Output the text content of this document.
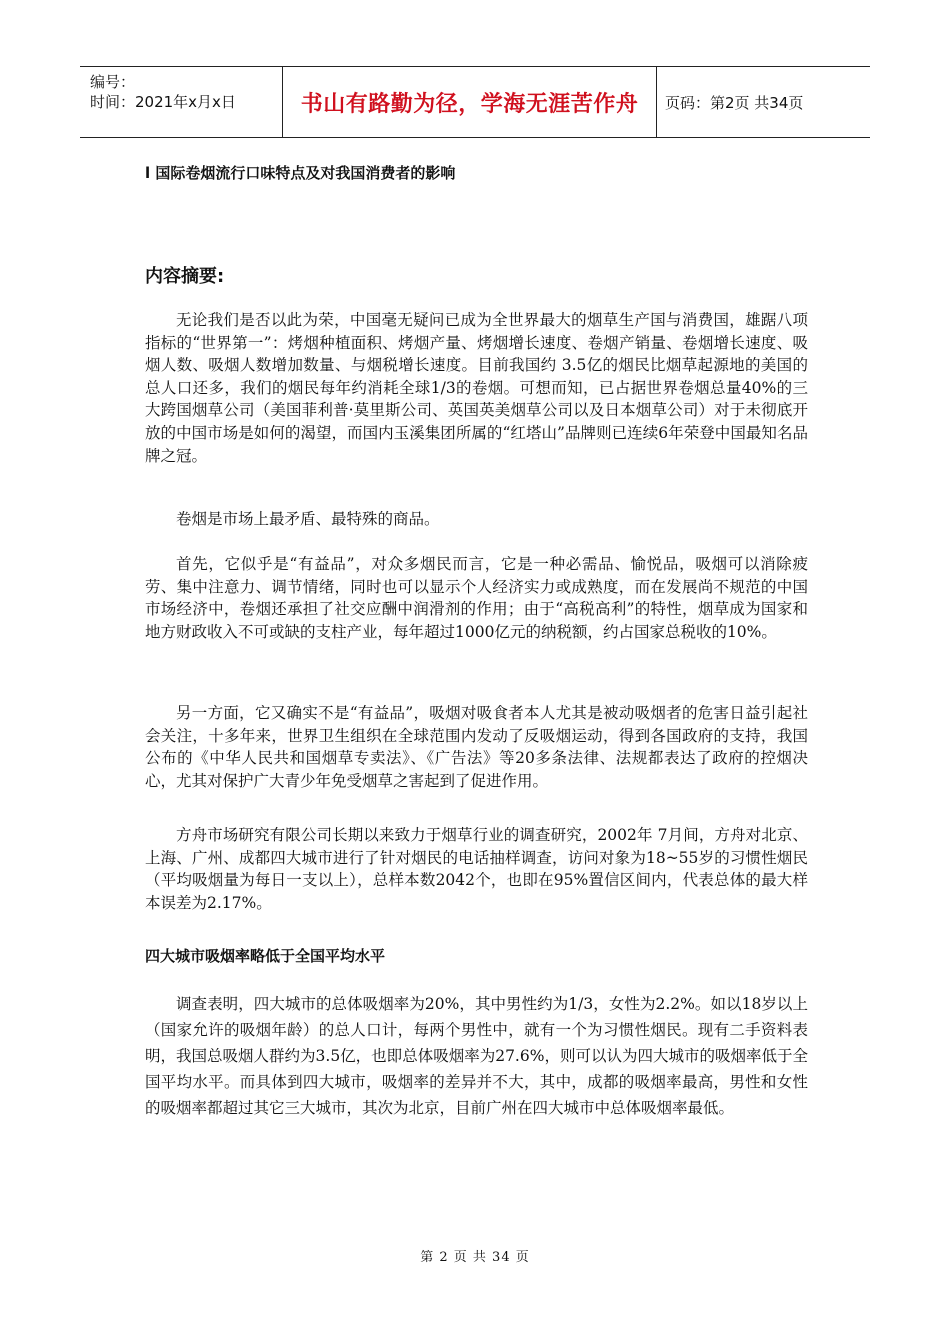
编号：
时间：2021年x月x日	书山有路勤为径，学海无涯苦作舟	页码：第2页 共34页
l 国际卷烟流行口味特点及对我国消费者的影响
内容摘要:

无论我们是否以此为荣，中国毫无疑问已成为全世界最大的烟草生产国与消费国，雄踞八项指标的“世界第一”：烤烟种植面积、烤烟产量、烤烟增长速度、卷烟产销量、卷烟增长速度、吸烟人数、吸烟人数增加数量、与烟税增长速度。目前我国约 3.5亿的烟民比烟草起源地的美国的总人口还多，我们的烟民每年约消耗全球1/3的卷烟。可想而知，已占据世界卷烟总量40%的三大跨国烟草公司（美国菲利普·莫里斯公司、英国英美烟草公司以及日本烟草公司）对于未彻底开放的中国市场是如何的渴望，而国内玉溪集团所属的“红塔山”品牌则已连续6年荣登中国最知名品牌之冠。

卷烟是市场上最矛盾、最特殊的商品。

首先，它似乎是“有益品”，对众多烟民而言，它是一种必需品、愉悦品，吸烟可以消除疲劳、集中注意力、调节情绪，同时也可以显示个人经济实力或成熟度，而在发展尚不规范的中国市场经济中，卷烟还承担了社交应酬中润滑剂的作用；由于“高税高利”的特性，烟草成为国家和地方财政收入不可或缺的支柱产业，每年超过1000亿元的纳税额，约占国家总税收的10%。

另一方面，它又确实不是“有益品”，吸烟对吸食者本人尤其是被动吸烟者的危害日益引起社会关注，十多年来，世界卫生组织在全球范围内发动了反吸烟运动，得到各国政府的支持，我国公布的《中华人民共和国烟草专卖法》、《广告法》等20多条法律、法规都表达了政府的控烟决心，尤其对保护广大青少年免受烟草之害起到了促进作用。

方舟市场研究有限公司长期以来致力于烟草行业的调查研究，2002年 7月间，方舟对北京、上海、广州、成都四大城市进行了针对烟民的电话抽样调查，访问对象为18~55岁的习惯性烟民（平均吸烟量为每日一支以上），总样本数2042个，也即在95%置信区间内，代表总体的最大样本误差为2.17%。

四大城市吸烟率略低于全国平均水平

调查表明，四大城市的总体吸烟率为20%，其中男性约为1/3，女性为2.2%。如以18岁以上（国家允许的吸烟年龄）的总人口计，每两个男性中，就有一个为习惯性烟民。现有二手资料表明，我国总吸烟人群约为3.5亿，也即总体吸烟率为27.6%，则可以认为四大城市的吸烟率低于全国平均水平。而具体到四大城市，吸烟率的差异并不大，其中，成都的吸烟率最高，男性和女性的吸烟率都超过其它三大城市，其次为北京，目前广州在四大城市中总体吸烟率最低。

第 2 页 共 34 页
